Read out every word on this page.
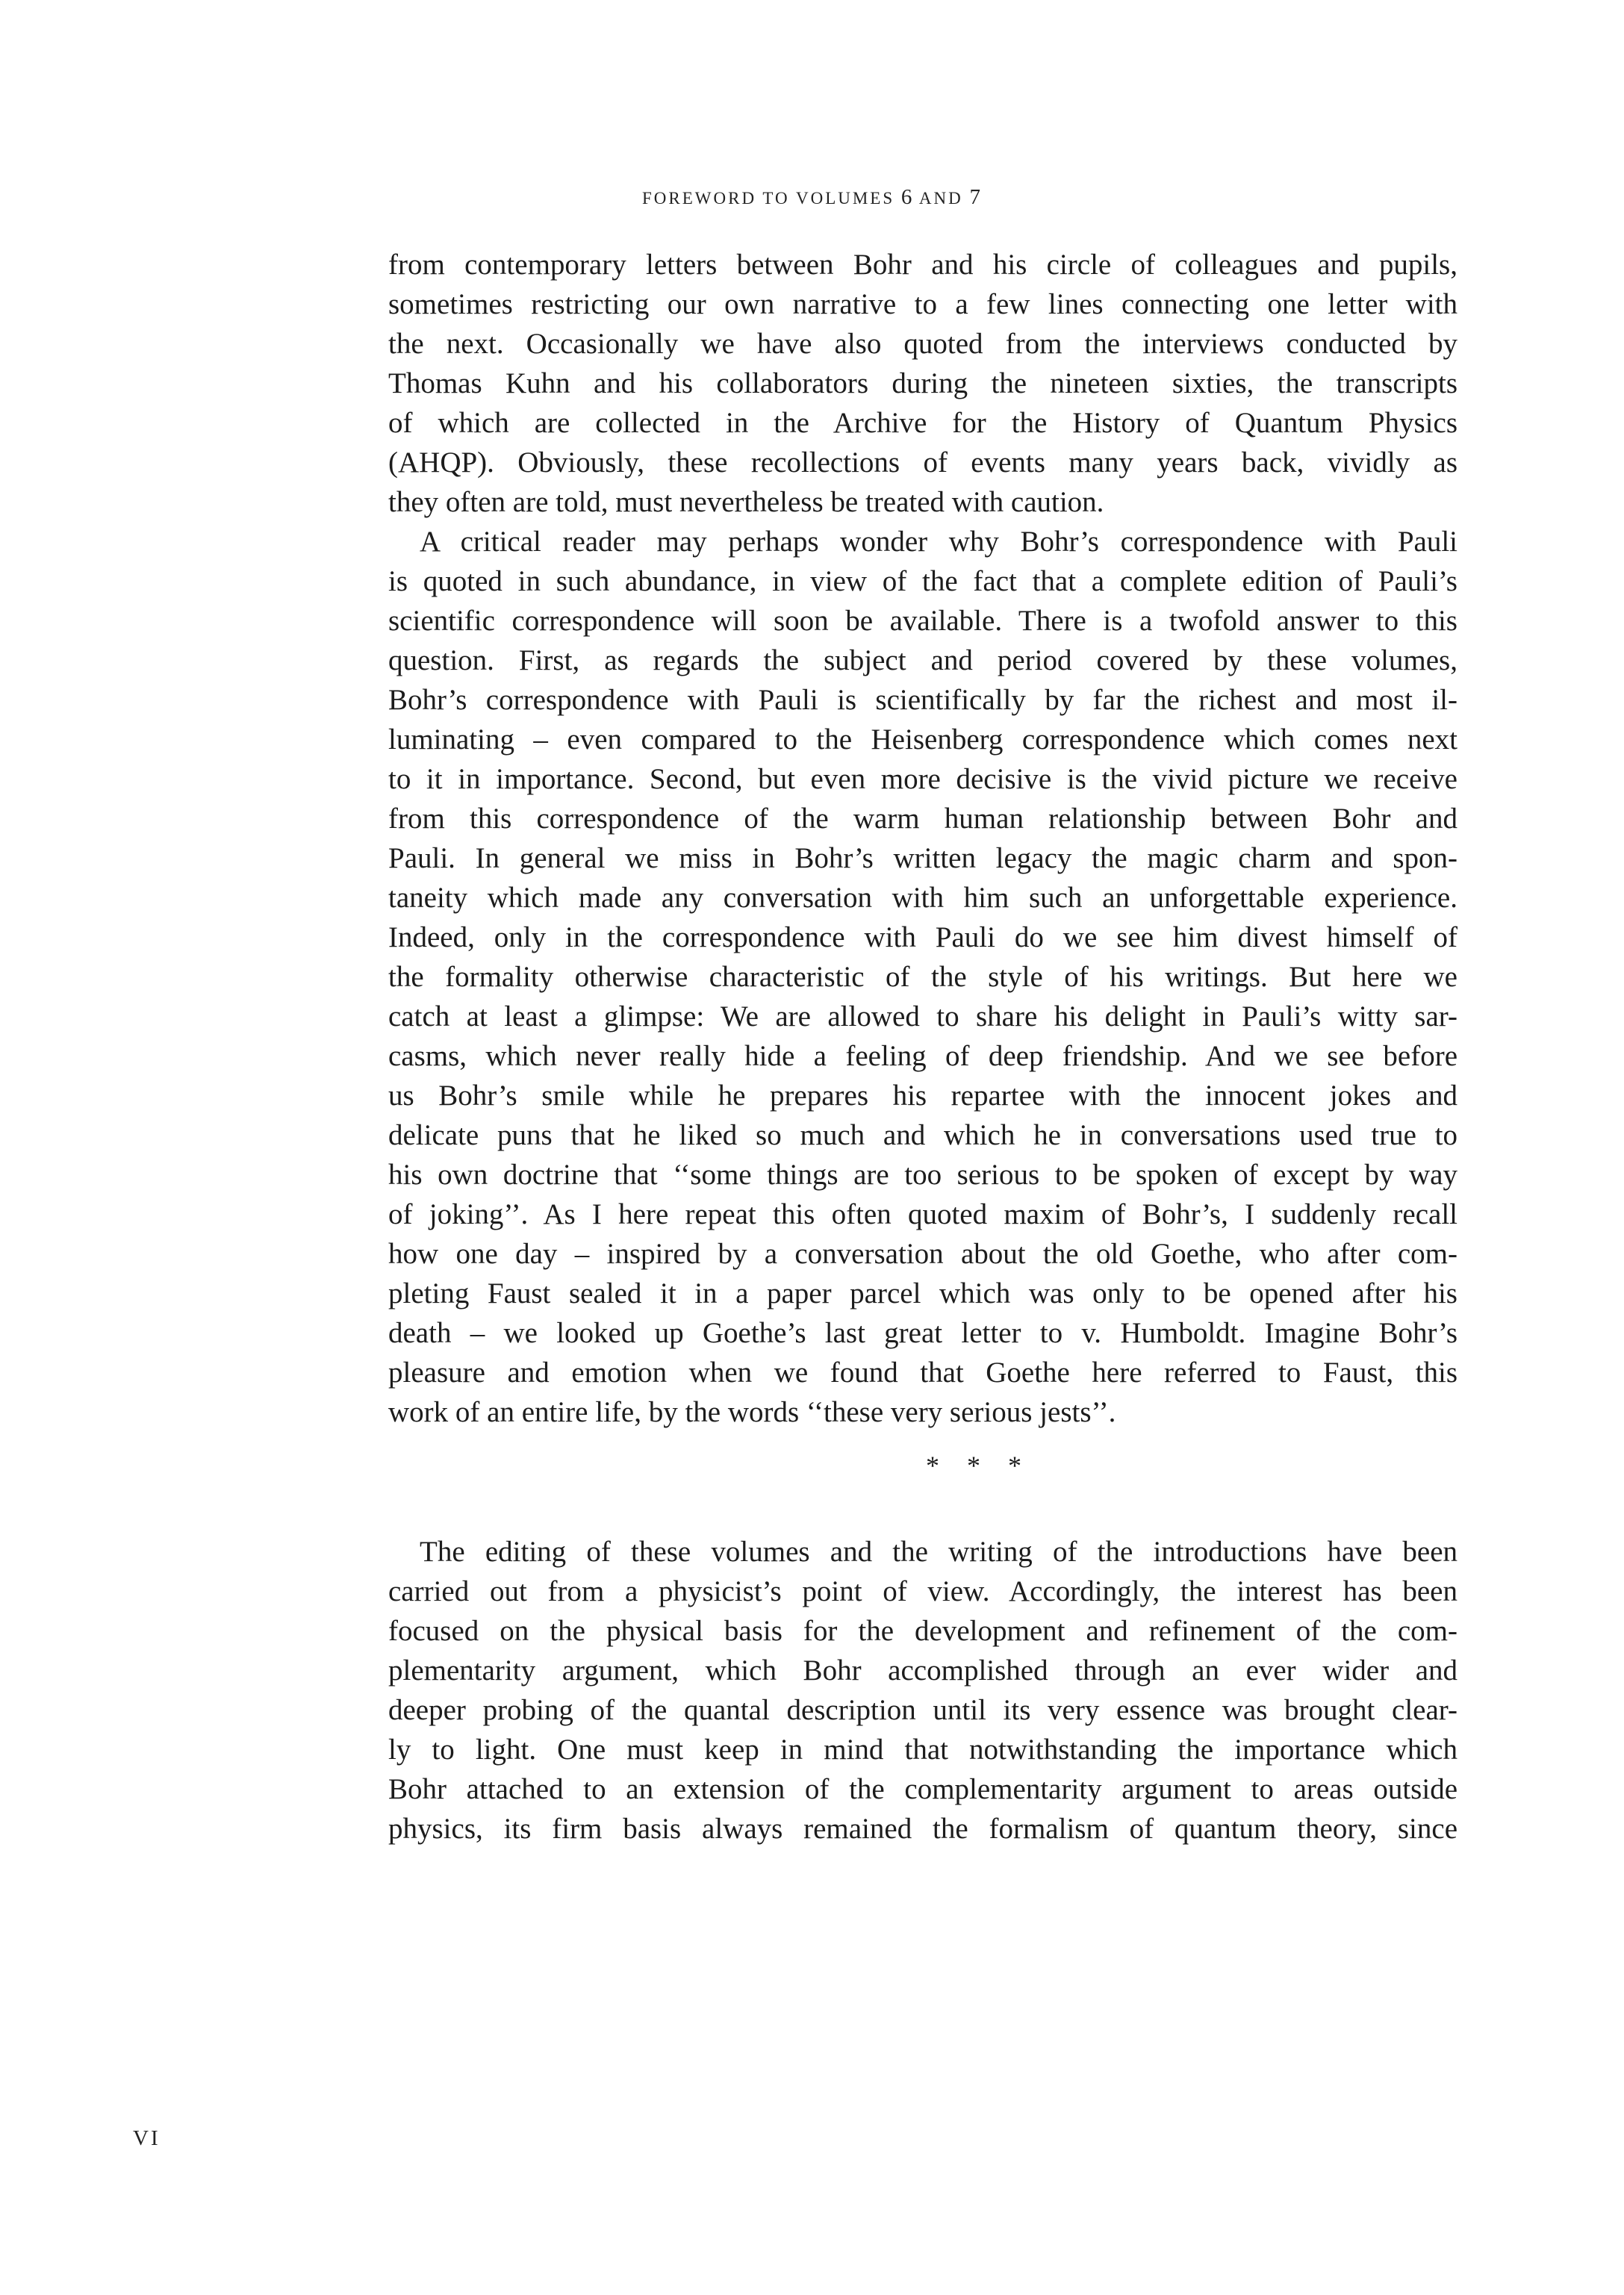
FOREWORD TO VOLUMES 6 AND 7
from contemporary letters between Bohr and his circle of colleagues and pupils,
sometimes restricting our own narrative to a few lines connecting one letter with
the next. Occasionally we have also quoted from the interviews conducted by
Thomas Kuhn and his collaborators during the nineteen sixties, the transcripts
of which are collected in the Archive for the History of Quantum Physics
(AHQP). Obviously, these recollections of events many years back, vividly as
they often are told, must nevertheless be treated with caution.
A critical reader may perhaps wonder why Bohr’s correspondence with Pauli
is quoted in such abundance, in view of the fact that a complete edition of Pauli’s
scientific correspondence will soon be available. There is a twofold answer to this
question. First, as regards the subject and period covered by these volumes,
Bohr’s correspondence with Pauli is scientifically by far the richest and most il-
luminating – even compared to the Heisenberg correspondence which comes next
to it in importance. Second, but even more decisive is the vivid picture we receive
from this correspondence of the warm human relationship between Bohr and
Pauli. In general we miss in Bohr’s written legacy the magic charm and spon-
taneity which made any conversation with him such an unforgettable experience.
Indeed, only in the correspondence with Pauli do we see him divest himself of
the formality otherwise characteristic of the style of his writings. But here we
catch at least a glimpse: We are allowed to share his delight in Pauli’s witty sar-
casms, which never really hide a feeling of deep friendship. And we see before
us Bohr’s smile while he prepares his repartee with the innocent jokes and
delicate puns that he liked so much and which he in conversations used true to
his own doctrine that ‘‘some things are too serious to be spoken of except by way
of joking’’. As I here repeat this often quoted maxim of Bohr’s, I suddenly recall
how one day – inspired by a conversation about the old Goethe, who after com-
pleting Faust sealed it in a paper parcel which was only to be opened after his
death – we looked up Goethe’s last great letter to v. Humboldt. Imagine Bohr’s
pleasure and emotion when we found that Goethe here referred to Faust, this
work of an entire life, by the words ‘‘these very serious jests’’.
* * *
The editing of these volumes and the writing of the introductions have been
carried out from a physicist’s point of view. Accordingly, the interest has been
focused on the physical basis for the development and refinement of the com-
plementarity argument, which Bohr accomplished through an ever wider and
deeper probing of the quantal description until its very essence was brought clear-
ly to light. One must keep in mind that notwithstanding the importance which
Bohr attached to an extension of the complementarity argument to areas outside
physics, its firm basis always remained the formalism of quantum theory, since
VI
